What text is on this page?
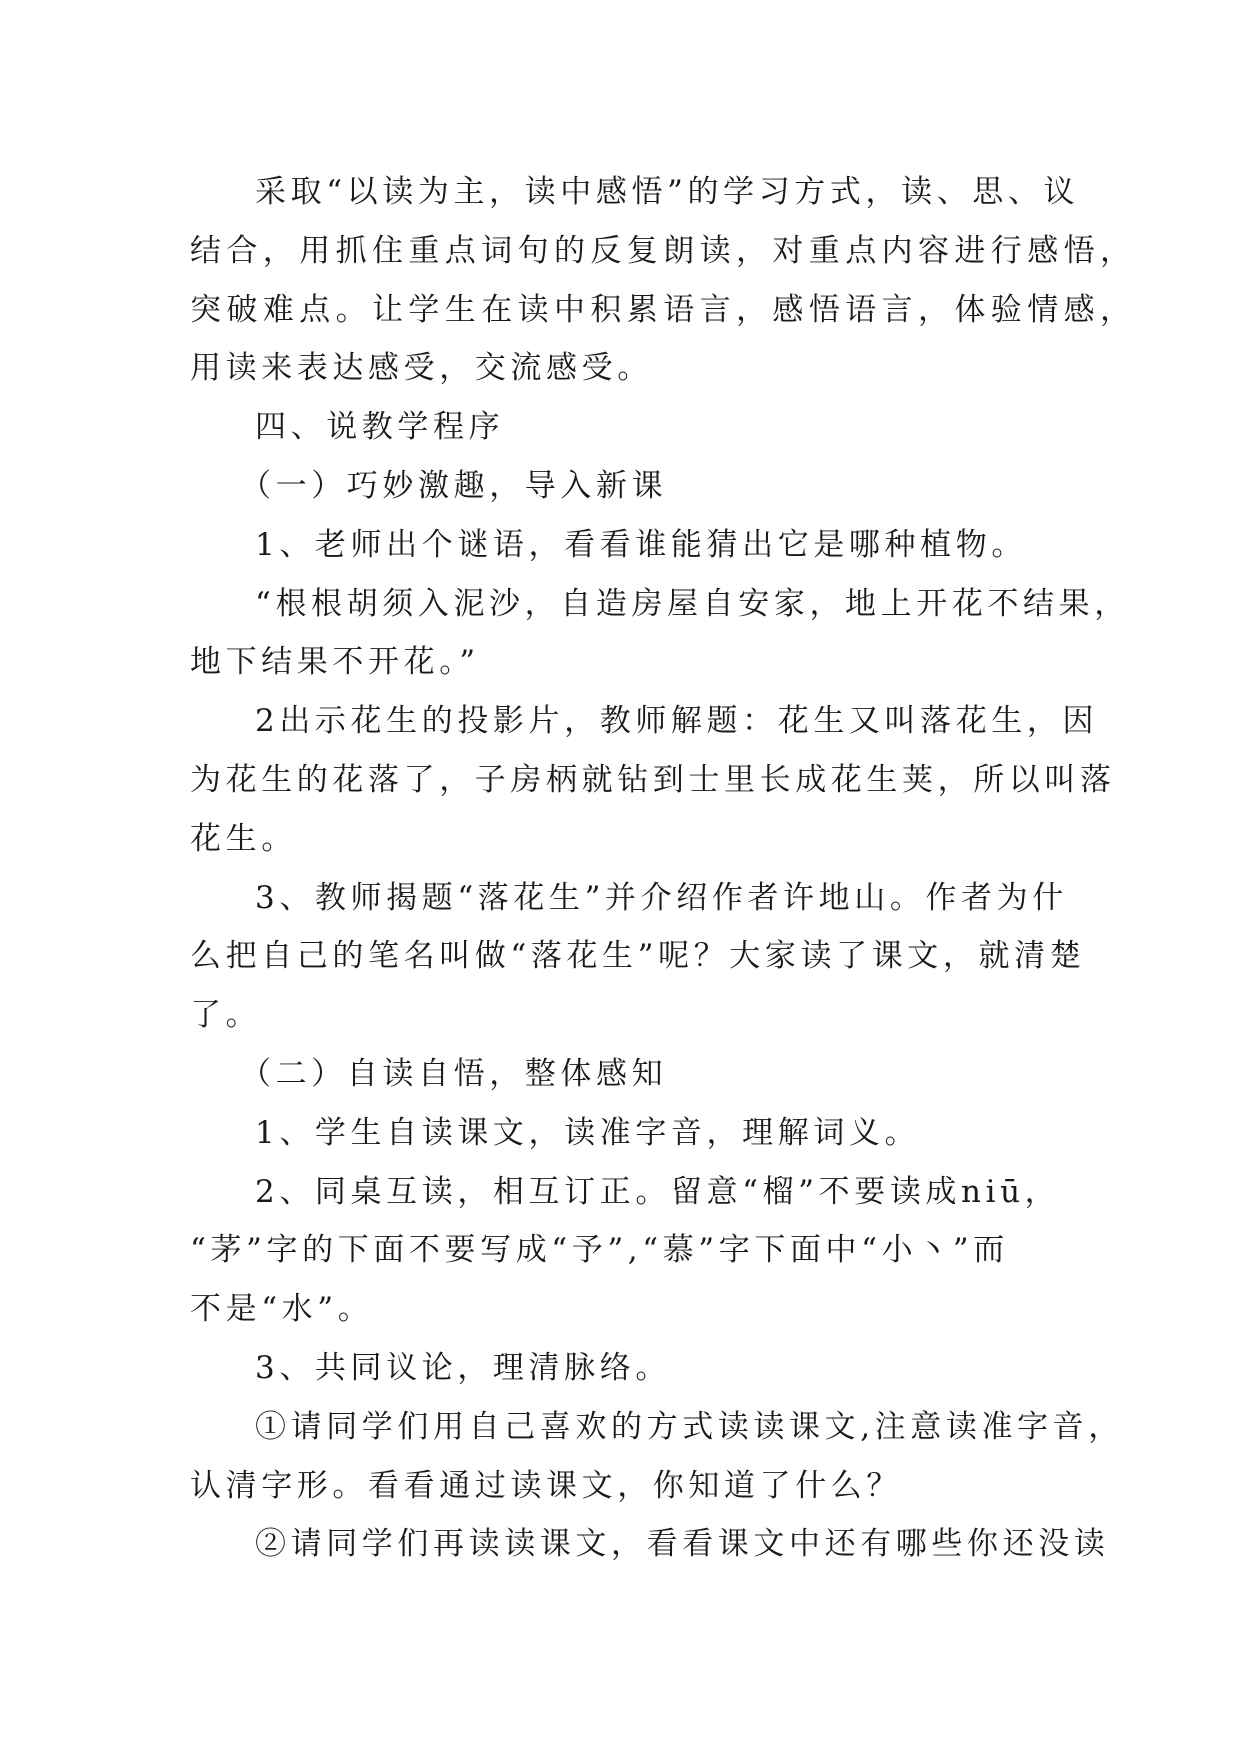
采取“以读为主，读中感悟”的学习方式，读、思、议
结合，用抓住重点词句的反复朗读，对重点内容进行感悟，
突破难点。让学生在读中积累语言，感悟语言，体验情感，
用读来表达感受，交流感受。
四、说教学程序
（一）巧妙激趣，导入新课
1、老师出个谜语，看看谁能猜出它是哪种植物。
“根根胡须入泥沙，自造房屋自安家，地上开花不结果，
地下结果不开花。”
2出示花生的投影片，教师解题：花生又叫落花生，因
为花生的花落了，子房柄就钻到士里长成花生荚，所以叫落
花生。
3、教师揭题“落花生”并介绍作者许地山。作者为什
么把自己的笔名叫做“落花生”呢？大家读了课文，就清楚
了。
（二）自读自悟，整体感知
1、学生自读课文，读准字音，理解词义。
2、同桌互读，相互订正。留意“榴”不要读成niū，
“茅”字的下面不要写成“予”,“慕”字下面中“小丶”而
不是“水”。
3、共同议论，理清脉络。
①请同学们用自己喜欢的方式读读课文,注意读准字音，
认清字形。看看通过读课文，你知道了什么？
②请同学们再读读课文，看看课文中还有哪些你还没读
